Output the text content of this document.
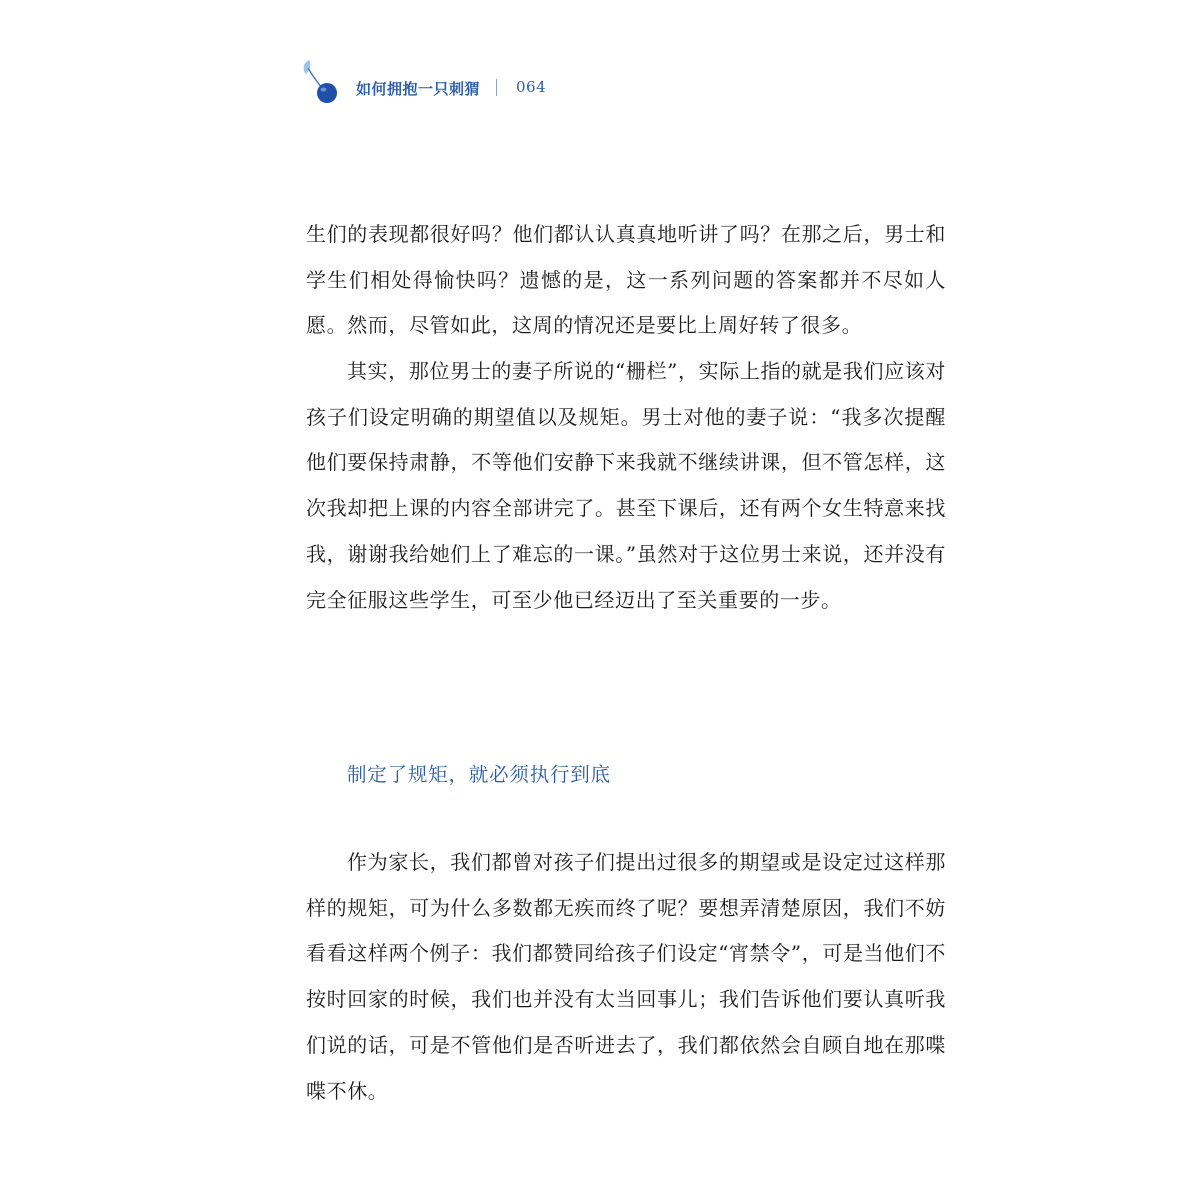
如何拥抱一只刺猬 064

生们的表现都很好吗？他们都认认真真地听讲了吗？在那之后，男士和学生们相处得愉快吗？遗憾的是，这一系列问题的答案都并不尽如人愿。然而，尽管如此，这周的情况还是要比上周好转了很多。

其实，那位男士的妻子所说的“栅栏”，实际上指的就是我们应该对孩子们设定明确的期望值以及规矩。男士对他的妻子说：“我多次提醒他们要保持肃静，不等他们安静下来我就不继续讲课，但不管怎样，这次我却把上课的内容全部讲完了。甚至下课后，还有两个女生特意来找我，谢谢我给她们上了难忘的一课。”虽然对于这位男士来说，还并没有完全征服这些学生，可至少他已经迈出了至关重要的一步。

制定了规矩，就必须执行到底

作为家长，我们都曾对孩子们提出过很多的期望或是设定过这样那样的规矩，可为什么多数都无疾而终了呢？要想弄清楚原因，我们不妨看看这样两个例子：我们都赞同给孩子们设定“宵禁令”，可是当他们不按时回家的时候，我们也并没有太当回事儿；我们告诉他们要认真听我们说的话，可是不管他们是否听进去了，我们都依然会自顾自地在那喋喋不休。
